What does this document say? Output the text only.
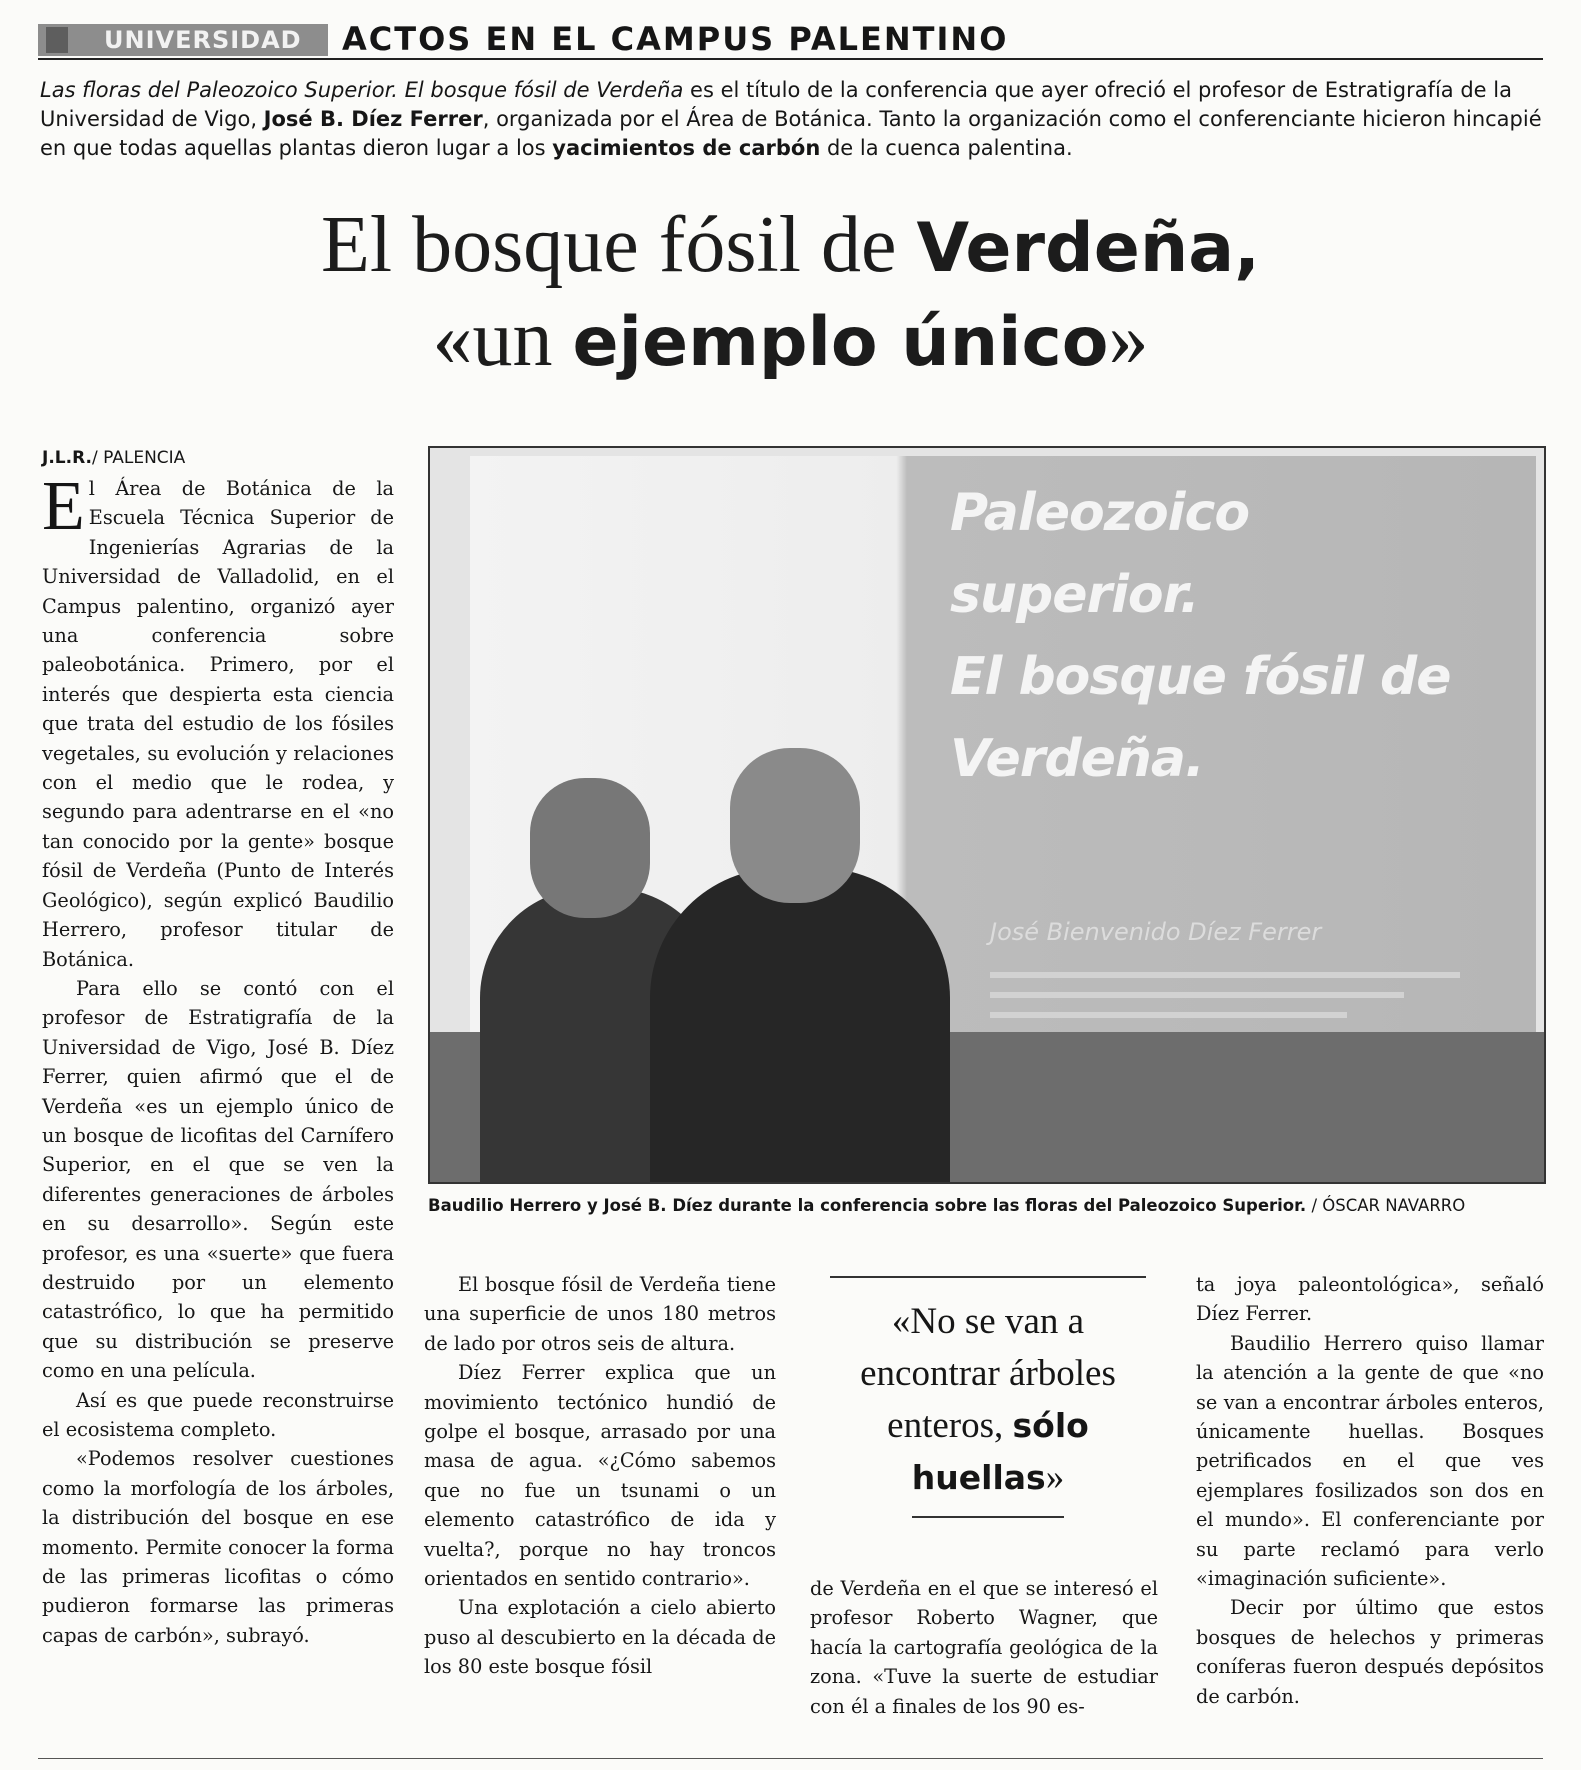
UNIVERSIDAD	ACTOS EN EL CAMPUS PALENTINO
Las floras del Paleozoico Superior. El bosque fósil de Verdeña es el título de la conferencia que ayer ofreció el profesor de Estratigrafía de la Universidad de Vigo, José B. Díez Ferrer, organizada por el Área de Botánica. Tanto la organización como el conferenciante hicieron hincapié en que todas aquellas plantas dieron lugar a los yacimientos de carbón de la cuenca palentina.
El bosque fósil de Verdeña,
«un ejemplo único»
J.L.R./ PALENCIA

El Área de Botánica de la Escuela Técnica Superior de Ingenierías Agrarias de la Universidad de Valladolid, en el Campus palentino, organizó ayer una conferencia sobre paleobotánica. Primero, por el interés que despierta esta ciencia que trata del estudio de los fósiles vegetales, su evolución y relaciones con el medio que le rodea, y segundo para adentrarse en el «no tan conocido por la gente» bosque fósil de Verdeña (Punto de Interés Geológico), según explicó Baudilio Herrero, profesor titular de Botánica.

Para ello se contó con el profesor de Estratigrafía de la Universidad de Vigo, José B. Díez Ferrer, quien afirmó que el de Verdeña «es un ejemplo único de un bosque de licofitas del Carnífero Superior, en el que se ven la diferentes generaciones de árboles en su desarrollo». Según este profesor, es una «suerte» que fuera destruido por un elemento catastrófico, lo que ha permitido que su distribución se preserve como en una película.

Así es que puede reconstruirse el ecosistema completo.

«Podemos resolver cuestiones como la morfología de los árboles, la distribución del bosque en ese momento. Permite conocer la forma de las primeras licofitas o cómo pudieron formarse las primeras capas de carbón», subrayó.

Paleozoico
superior.
El bosque fósil de
Verdeña.
José Bienvenido Díez Ferrer
Baudilio Herrero y José B. Díez durante la conferencia sobre las floras del Paleozoico Superior. / ÓSCAR NAVARRO

El bosque fósil de Verdeña tiene una superficie de unos 180 metros de lado por otros seis de altura.

Díez Ferrer explica que un movimiento tectónico hundió de golpe el bosque, arrasado por una masa de agua. «¿Cómo sabemos que no fue un tsunami o un elemento catastrófico de ida y vuelta?, porque no hay troncos orientados en sentido contrario».

Una explotación a cielo abierto puso al descubierto en la década de los 80 este bosque fósil

«No se van a encontrar árboles enteros, sólo huellas»

de Verdeña en el que se interesó el profesor Roberto Wagner, que hacía la cartografía geológica de la zona. «Tuve la suerte de estudiar con él a finales de los 90 es-

ta joya paleontológica», señaló Díez Ferrer.

Baudilio Herrero quiso llamar la atención a la gente de que «no se van a encontrar árboles enteros, únicamente huellas. Bosques petrificados en el que ves ejemplares fosilizados son dos en el mundo». El conferenciante por su parte reclamó para verlo «imaginación suficiente».

Decir por último que estos bosques de helechos y primeras coníferas fueron después depósitos de carbón.
